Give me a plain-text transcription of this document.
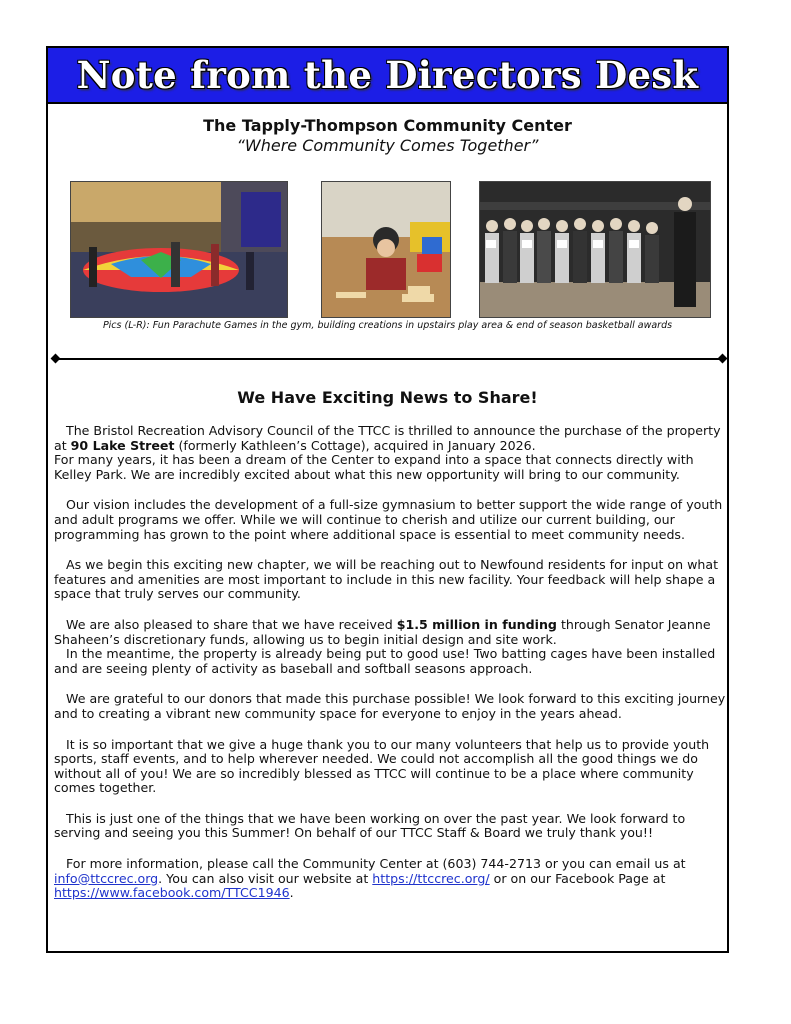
Note from the Directors Desk
The Tapply-Thompson Community Center
“Where Community Comes Together”
Pics (L-R): Fun Parachute Games in the gym, building creations in upstairs play area & end of season basketball awards
We Have Exciting News to Share!

The Bristol Recreation Advisory Council of the TTCC is thrilled to announce the purchase of the property at 90 Lake Street (formerly Kathleen’s Cottage), acquired in January 2026.
For many years, it has been a dream of the Center to expand into a space that connects directly with Kelley Park. We are incredibly excited about what this new opportunity will bring to our community.

Our vision includes the development of a full-size gymnasium to better support the wide range of youth and adult programs we offer. While we will continue to cherish and utilize our current building, our programming has grown to the point where additional space is essential to meet community needs.

As we begin this exciting new chapter, we will be reaching out to Newfound residents for input on what features and amenities are most important to include in this new facility. Your feedback will help shape a space that truly serves our community.

We are also pleased to share that we have received $1.5 million in funding through Senator Jeanne Shaheen’s discretionary funds, allowing us to begin initial design and site work.
In the meantime, the property is already being put to good use! Two batting cages have been installed and are seeing plenty of activity as baseball and softball seasons approach.

We are grateful to our donors that made this purchase possible! We look forward to this exciting journey and to creating a vibrant new community space for everyone to enjoy in the years ahead.

It is so important that we give a huge thank you to our many volunteers that help us to provide youth sports, staff events, and to help wherever needed. We could not accomplish all the good things we do without all of you! We are so incredibly blessed as TTCC will continue to be a place where community comes together.

This is just one of the things that we have been working on over the past year. We look forward to serving and seeing you this Summer! On behalf of our TTCC Staff & Board we truly thank you!!

For more information, please call the Community Center at (603) 744-2713 or you can email us at info@ttccrec.org. You can also visit our website at https://ttccrec.org/ or on our Facebook Page at https://www.facebook.com/TTCC1946.
